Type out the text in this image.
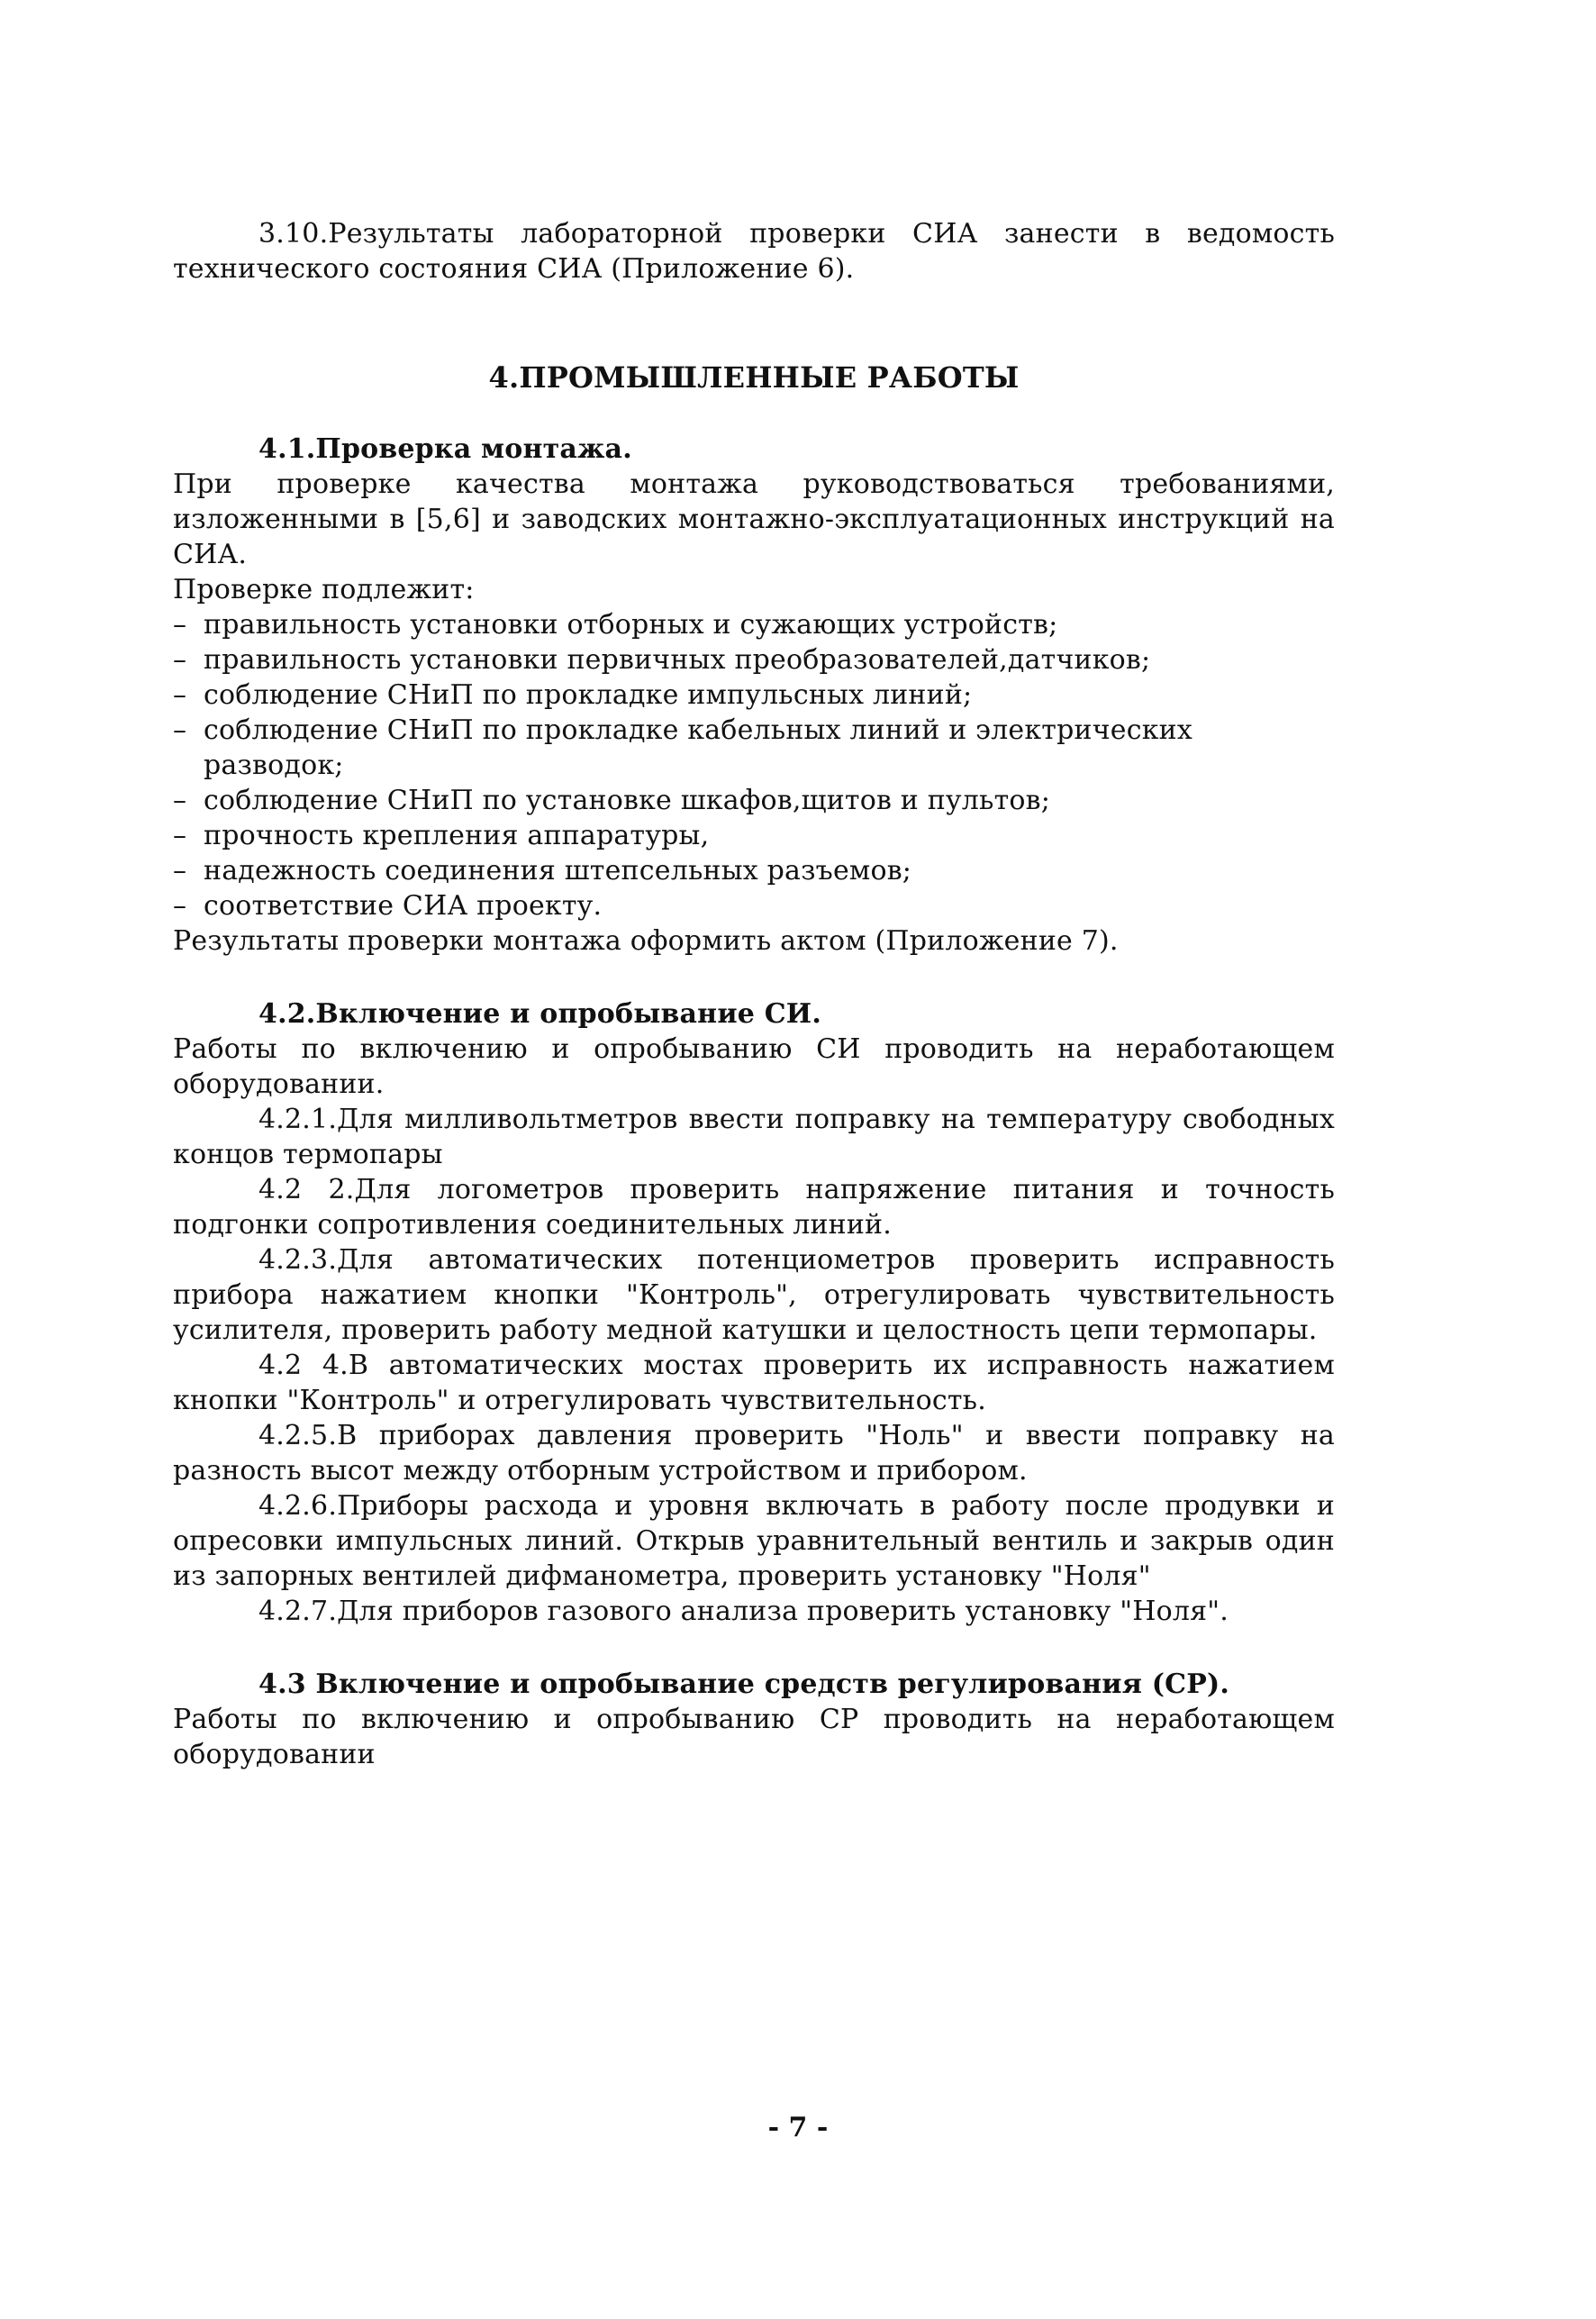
3.10.Результаты лабораторной проверки СИА занести в ведомость технического состояния СИА (Приложение 6).

4.ПРОМЫШЛЕННЫЕ РАБОТЫ

4.1.Проверка монтажа.

При проверке качества монтажа руководствоваться требованиями, изложенными в [5,6] и заводских монтажно-эксплуатационных инструкций на СИА.

Проверке подлежит:

– правильность установки отборных и сужающих устройств;
– правильность установки первичных преобразователей,датчиков;
– соблюдение СНиП по прокладке импульсных линий;
– соблюдение СНиП по прокладке кабельных линий и электрических разводок;
– соблюдение СНиП по установке шкафов,щитов и пультов;
– прочность крепления аппаратуры,
– надежность соединения штепсельных разъемов;
– соответствие СИА проекту.

Результаты проверки монтажа оформить актом (Приложение 7).

4.2.Включение и опробывание СИ.

Работы по включению и опробыванию СИ проводить на неработающем оборудовании.

4.2.1.Для милливольтметров ввести поправку на температуру свободных концов термопары

4.2 2.Для логометров проверить напряжение питания и точность подгонки сопротивления соединительных линий.

4.2.3.Для автоматических потенциометров проверить исправность прибора нажатием кнопки "Контроль", отрегулировать чувствительность усилителя, проверить работу медной катушки и целостность цепи термопары.

4.2 4.В автоматических мостах проверить их исправность нажатием кнопки "Контроль" и отрегулировать чувствительность.

4.2.5.В приборах давления проверить "Ноль" и ввести поправку на разность высот между отборным устройством и прибором.

4.2.6.Приборы расхода и уровня включать в работу после продувки и опресовки импульсных линий. Открыв уравнительный вентиль и закрыв один из запорных вентилей дифманометра, проверить установку "Ноля"

4.2.7.Для приборов газового анализа проверить установку "Ноля".

4.3 Включение и опробывание средств регулирования (СР).

Работы по включению и опробыванию СР проводить на неработающем оборудовании

- 7 -
